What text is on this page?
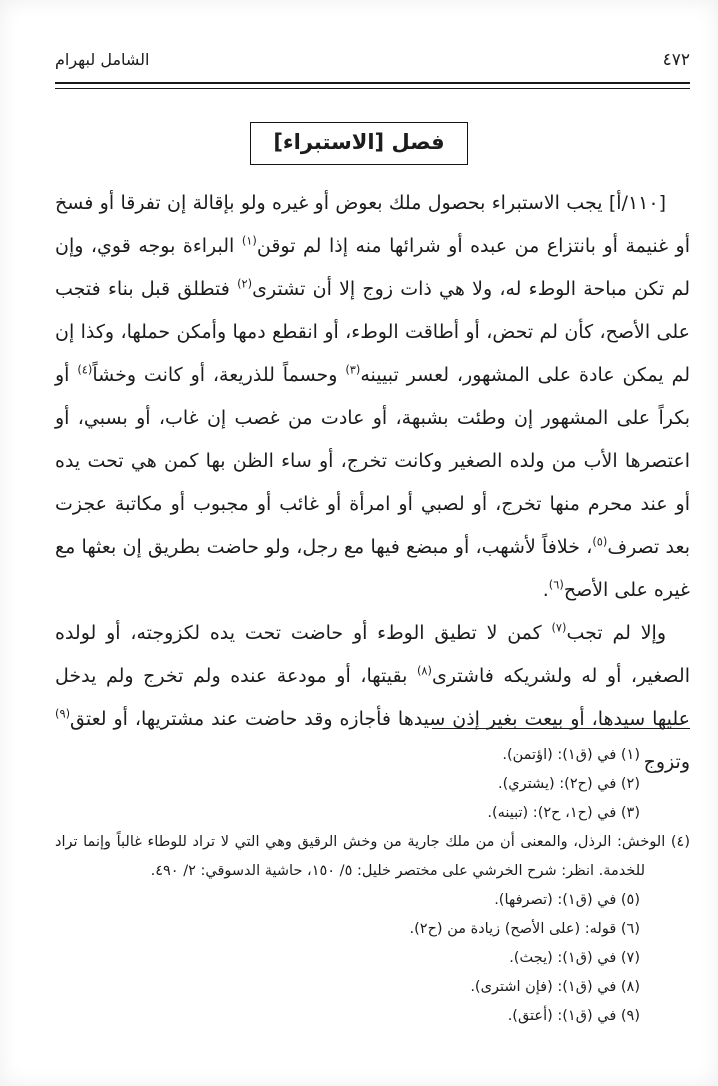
٤٧٢
الشامل لبهرام
فصل [الاستبراء]

[١١٠/أ] يجب الاستبراء بحصول ملك بعوض أو غيره ولو بإقالة إن تفرقا أو فسخ أو غنيمة أو بانتزاع من عبده أو شرائها منه إذا لم توقن$^{(١)}$ البراءة بوجه قوي، وإن لم تكن مباحة الوطء له، ولا هي ذات زوج إلا أن تشترى$^{(٢)}$ فتطلق قبل بناء فتجب على الأصح، كأن لم تحض، أو أطاقت الوطء، أو انقطع دمها وأمكن حملها، وكذا إن لم يمكن عادة على المشهور، لعسر تبيينه$^{(٣)}$ وحسماً للذريعة، أو كانت وخشاً$^{(٤)}$ أو بكراً على المشهور إن وطئت بشبهة، أو عادت من غصب إن غاب، أو بسبي، أو اعتصرها الأب من ولده الصغير وكانت تخرج، أو ساء الظن بها كمن هي تحت يده أو عند محرم منها تخرج، أو لصبي أو امرأة أو غائب أو مجبوب أو مكاتبة عجزت بعد تصرف$^{(٥)}$، خلافاً لأشهب، أو مبضع فيها مع رجل، ولو حاضت بطريق إن بعثها مع غيره على الأصح$^{(٦)}$.

وإلا لم تجب$^{(٧)}$ كمن لا تطيق الوطء أو حاضت تحت يده لكزوجته، أو لولده الصغير، أو له ولشريكه فاشترى$^{(٨)}$ بقيتها، أو مودعة عنده ولم تخرج ولم يدخل عليها سيدها، أو بيعت بغير إذن سيدها فأجازه وقد حاضت عند مشتريها، أو لعتق$^{(٩)}$ وتزوج

(١) في (ق١): (اؤتمن).
(٢) في (ح٢): (يشتري).
(٣) في (ح١، ح٢): (تبينه).
(٤) الوخش: الرذل، والمعنى أن من ملك جارية من وخش الرقيق وهي التي لا تراد للوطاء غالباً وإنما تراد للخدمة. انظر: شرح الخرشي على مختصر خليل: ٥/ ١٥٠، حاشية الدسوقي: ٢/ ٤٩٠.
(٥) في (ق١): (تصرفها).
(٦) قوله: (على الأصح) زيادة من (ح٢).
(٧) في (ق١): (يجث).
(٨) في (ق١): (فإن اشترى).
(٩) في (ق١): (أعتق).
